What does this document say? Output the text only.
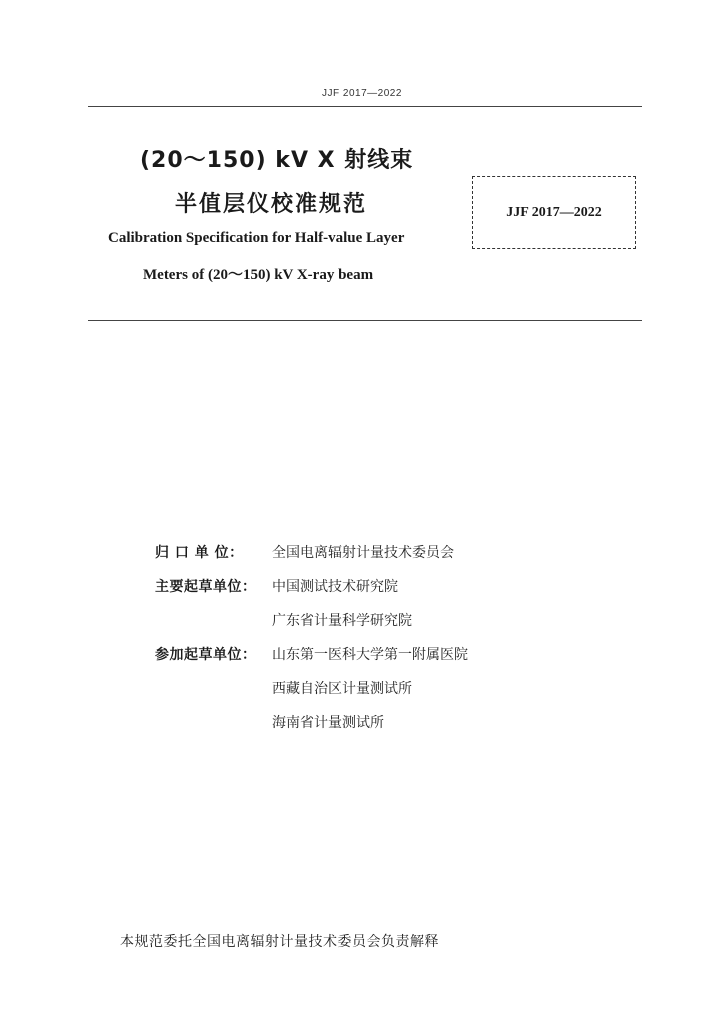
JJF 2017—2022
(20～150) kV X 射线束
半值层仪校准规范
Calibration Specification for Half-value Layer
Meters of (20～150) kV X-ray beam
JJF 2017—2022
归 口 单 位：	全国电离辐射计量技术委员会
主要起草单位：	中国测试技术研究院
广东省计量科学研究院
参加起草单位：	山东第一医科大学第一附属医院
西藏自治区计量测试所
海南省计量测试所
本规范委托全国电离辐射计量技术委员会负责解释
